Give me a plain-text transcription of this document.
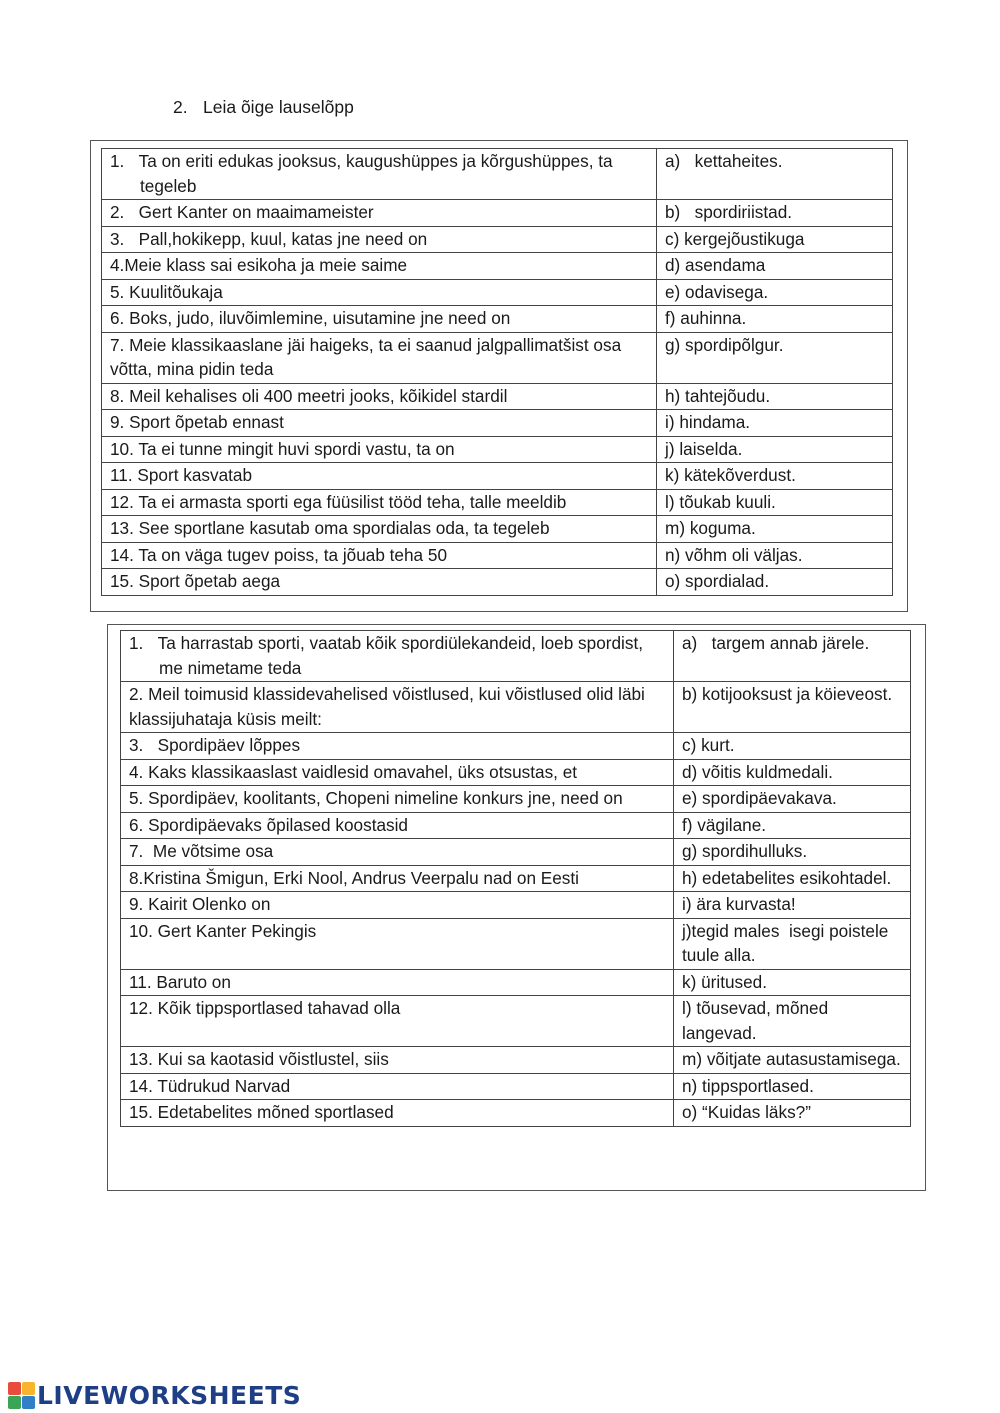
2. Leia õige lauselõpp
1.   Ta on eriti edukas jooksus, kaugushüppes ja kõrgushüppes, ta tegeleb	a)   kettaheites.
2.   Gert Kanter on maaimameister	b)   spordiriistad.
3.   Pall,hokikepp, kuul, katas jne need on	c) kergejõustikuga
4.Meie klass sai esikoha ja meie saime	d) asendama
5. Kuulitõukaja	e) odavisega.
6. Boks, judo, iluvõimlemine, uisutamine jne need on	f) auhinna.
7. Meie klassikaaslane jäi haigeks, ta ei saanud jalgpallimatšist osa võtta, mina pidin teda	g) spordipõlgur.
8. Meil kehalises oli 400 meetri jooks, kõikidel stardil	h) tahtejõudu.
9. Sport õpetab ennast	i) hindama.
10. Ta ei tunne mingit huvi spordi vastu, ta on	j) laiselda.
11. Sport kasvatab	k) kätekõverdust.
12. Ta ei armasta sporti ega füüsilist tööd teha, talle meeldib	l) tõukab kuuli.
13. See sportlane kasutab oma spordialas oda, ta tegeleb	m) koguma.
14. Ta on väga tugev poiss, ta jõuab teha 50	n) võhm oli väljas.
15. Sport õpetab aega	o) spordialad.
1.   Ta harrastab sporti, vaatab kõik spordiülekandeid, loeb spordist, me nimetame teda	a)   targem annab järele.
2. Meil toimusid klassidevahelised võistlused, kui võistlused olid läbi klassijuhataja küsis meilt:	b) kotijooksust ja köieveost.
3.   Spordipäev lõppes	c) kurt.
4. Kaks klassikaaslast vaidlesid omavahel, üks otsustas, et	d) võitis kuldmedali.
5. Spordipäev, koolitants, Chopeni nimeline konkurs jne, need on	e) spordipäevakava.
6. Spordipäevaks õpilased koostasid	f) vägilane.
7.  Me võtsime osa	g) spordihulluks.
8.Kristina Šmigun, Erki Nool, Andrus Veerpalu nad on Eesti	h) edetabelites esikohtadel.
9. Kairit Olenko on	i) ära kurvasta!
10. Gert Kanter Pekingis	j)tegid males  isegi poistele tuule alla.
11. Baruto on	k) üritused.
12. Kõik tippsportlased tahavad olla	l) tõusevad, mõned langevad.
13. Kui sa kaotasid võistlustel, siis	m) võitjate autasustamisega.
14. Tüdrukud Narvad	n) tippsportlased.
15. Edetabelites mõned sportlased	o) “Kuidas läks?”
LIVEWORKSHEETS
